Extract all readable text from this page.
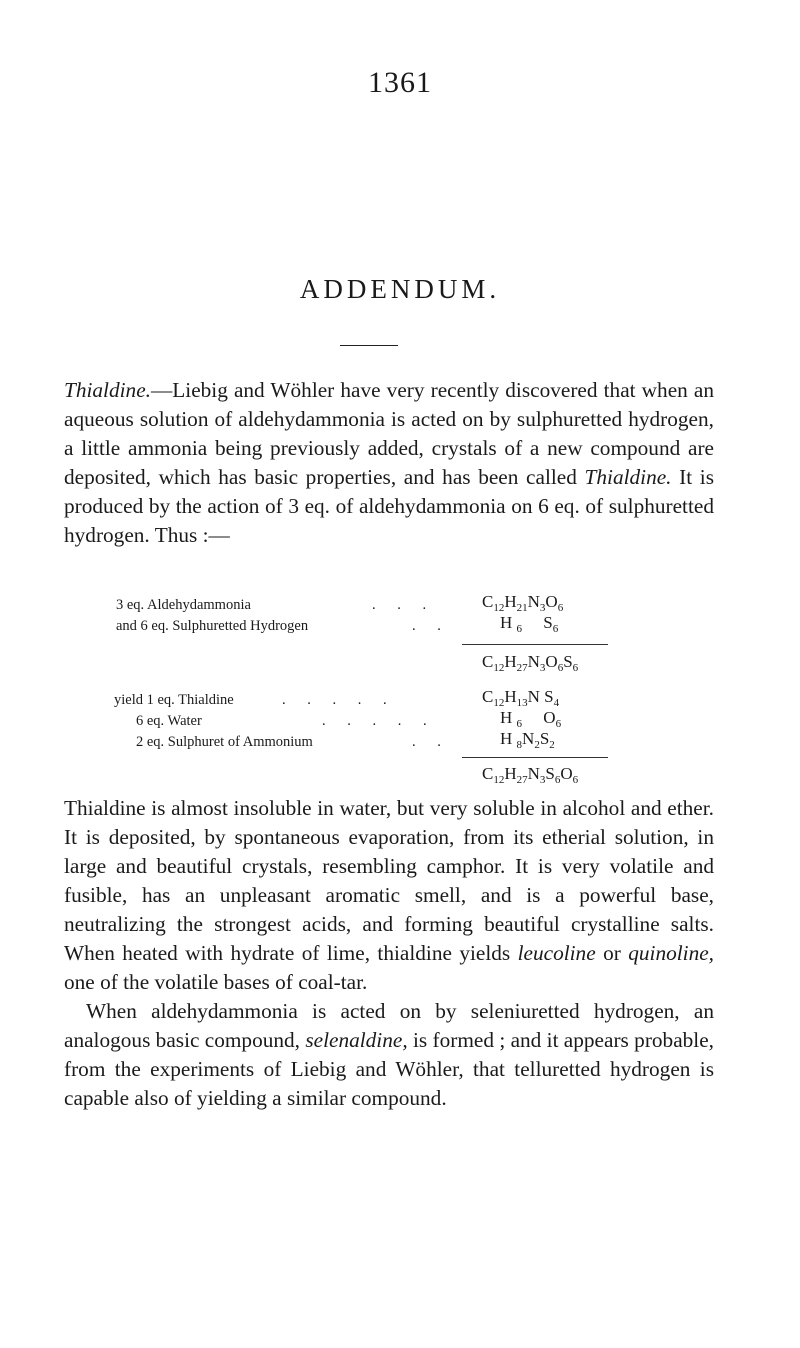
1361
ADDENDUM.
Thialdine.—Liebig and Wöhler have very recently discovered that when an aqueous solution of aldehydammonia is acted on by sulphuretted hydrogen, a little ammonia being previously added, crystals of a new compound are deposited, which has basic properties, and has been called Thialdine. It is produced by the action of 3 eq. of aldehydammonia on 6 eq. of sulphuretted hydrogen. Thus :—
3 eq. Aldehydammonia	. . .	$C_{12}H_{21}N_3O_6$
and 6 eq. Sulphuretted Hydrogen	. .	H $_6$     $S_6$
$C_{12}H_{27}N_3O_6S_6$
yield 1 eq. Thialdine	. . . . .	$C_{12}H_{13}N$ $S_4$
6 eq. Water	. . . . .	H $_6$     $O_6$
2 eq. Sulphuret of Ammonium	. .	H $_8N_2S_2$
$C_{12}H_{27}N_3S_6O_6$
Thialdine is almost insoluble in water, but very soluble in alcohol and ether. It is deposited, by spontaneous evaporation, from its etherial solution, in large and beautiful crystals, resembling camphor. It is very volatile and fusible, has an unpleasant aromatic smell, and is a powerful base, neutralizing the strongest acids, and forming beautiful crystalline salts. When heated with hydrate of lime, thialdine yields leucoline or quinoline, one of the volatile bases of coal-tar.
When aldehydammonia is acted on by seleniuretted hydrogen, an analogous basic compound, selenaldine, is formed ; and it appears probable, from the experiments of Liebig and Wöhler, that telluretted hydrogen is capable also of yielding a similar compound.
